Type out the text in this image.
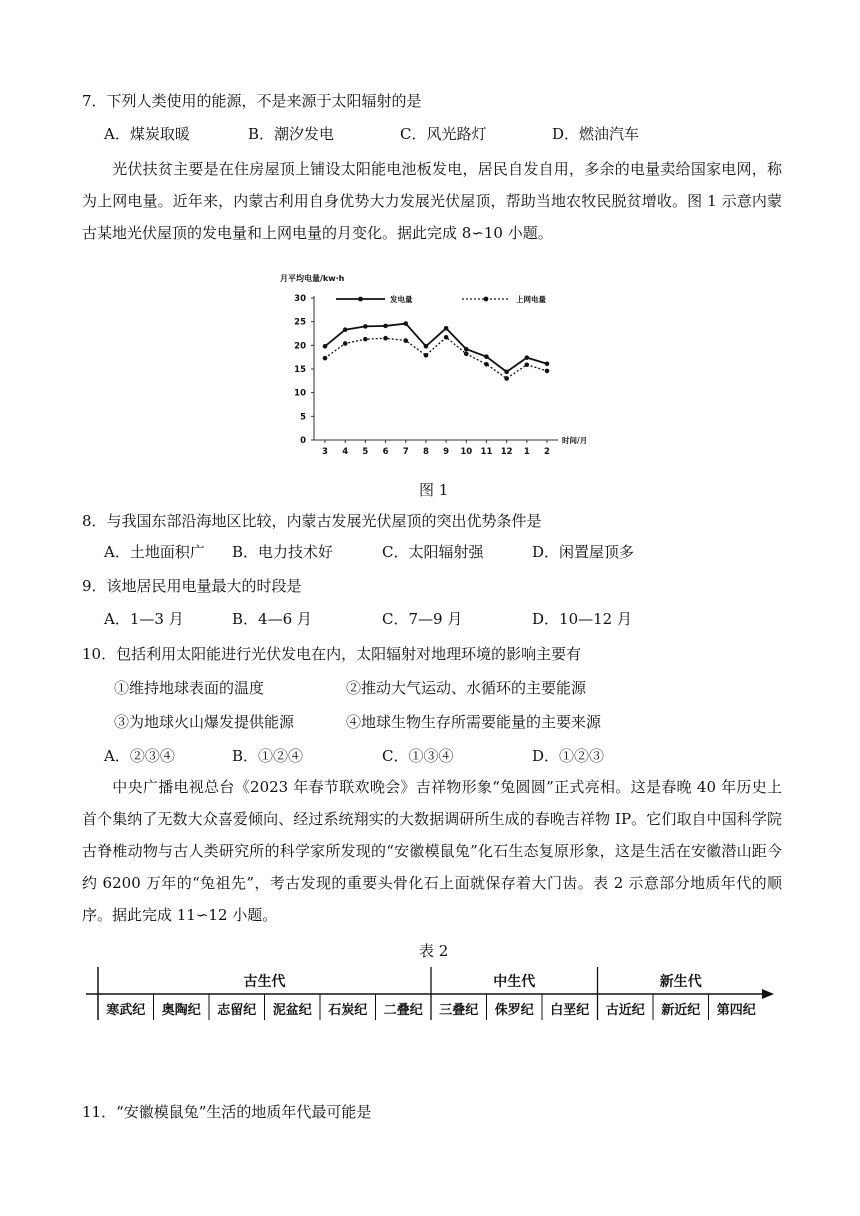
7．下列人类使用的能源，不是来源于太阳辐射的是
A．煤炭取暖	B．潮汐发电	C．风光路灯	D．燃油汽车
光伏扶贫主要是在住房屋顶上铺设太阳能电池板发电，居民自发自用，多余的电量卖给国家电网，称为上网电量。近年来，内蒙古利用自身优势大力发展光伏屋顶，帮助当地农牧民脱贫增收。图 1 示意内蒙古某地光伏屋顶的发电量和上网电量的月变化。据此完成 8∽10 小题。
月平均电量/kw·h
0
5
10
15
20
25
30
3 4 5 6 7 8 9 10 11 12 1 2
时间/月
发电量	上网电量
图 1
8．与我国东部沿海地区比较，内蒙古发展光伏屋顶的突出优势条件是
A．土地面积广 B．电力技术好	C．太阳辐射强	D．闲置屋顶多
9．该地居民用电量最大的时段是
A．1—3 月	B．4—6 月	C．7—9 月	D．10—12 月
10．包括利用太阳能进行光伏发电在内，太阳辐射对地理环境的影响主要有
①维持地球表面的温度	②推动大气运动、水循环的主要能源
③为地球火山爆发提供能源	④地球生物生存所需要能量的主要来源
A．②③④	B．①②④	C．①③④	D．①②③
中央广播电视总台《2023 年春节联欢晚会》吉祥物形象“兔圆圆”正式亮相。这是春晚 40 年历史上首个集纳了无数大众喜爱倾向、经过系统翔实的大数据调研所生成的春晚吉祥物 IP。它们取自中国科学院古脊椎动物与古人类研究所的科学家所发现的“安徽模鼠兔”化石生态复原形象，这是生活在安徽潜山距今约 6200 万年的“兔祖先”，考古发现的重要头骨化石上面就保存着大门齿。表 2 示意部分地质年代的顺序。据此完成 11∽12 小题。
表 2
古生代	中生代	新生代
寒武纪 奥陶纪 志留纪 泥盆纪 石炭纪 二叠纪 三叠纪 侏罗纪 白垩纪 古近纪 新近纪 第四纪
11．“安徽模鼠兔”生活的地质年代最可能是
